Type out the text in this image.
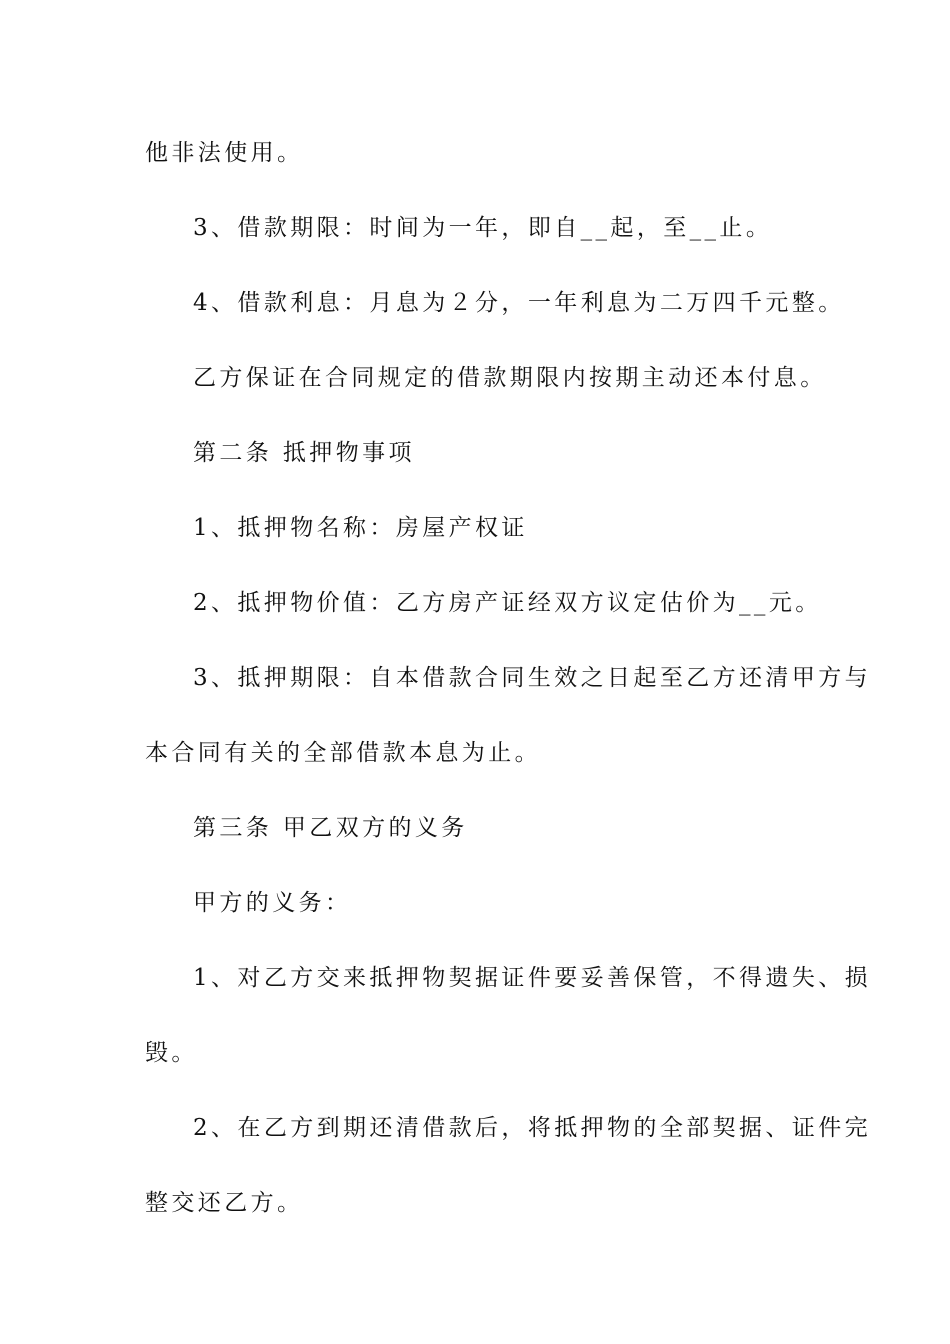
他非法使用。
3、借款期限：时间为一年，即自__起，至__止。
4、借款利息：月息为２分，一年利息为二万四千元整。
乙方保证在合同规定的借款期限内按期主动还本付息。
第二条 抵押物事项
1、抵押物名称：房屋产权证
2、抵押物价值：乙方房产证经双方议定估价为__元。
3、抵押期限：自本借款合同生效之日起至乙方还清甲方与
本合同有关的全部借款本息为止。
第三条 甲乙双方的义务
甲方的义务：
1、对乙方交来抵押物契据证件要妥善保管，不得遗失、损
毁。
2、在乙方到期还清借款后，将抵押物的全部契据、证件完
整交还乙方。
